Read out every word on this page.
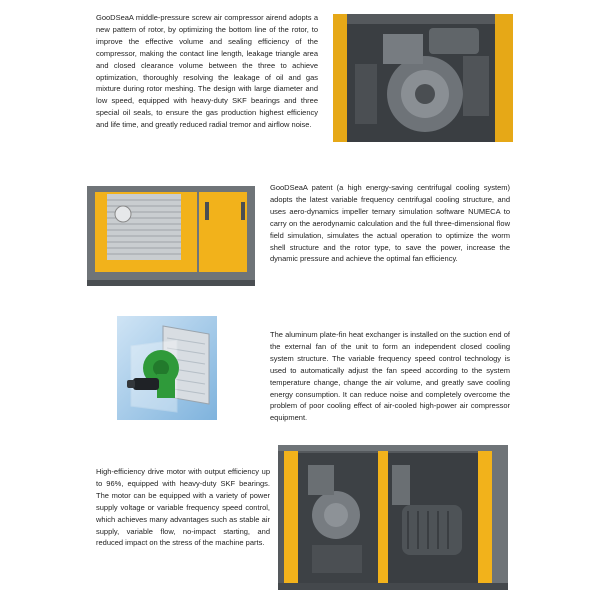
GooDSeaA middle-pressure screw air compressor airend adopts a new pattern of rotor, by optimizing the bottom line of the rotor, to improve the effective volume and sealing efficiency of the compressor, making the contact line length, leakage triangle area and closed clearance volume between the three to achieve optimization, thoroughly resolving the leakage of oil and gas mixture during rotor meshing. The design with large diameter and low speed, equipped with heavy-duty SKF bearings and three special oil seals, to ensure the gas production highest efficiency and life time, and greatly reduced radial tremor and airflow noise.
GooDSeaA patent (a high energy-saving centrifugal cooling system) adopts the latest variable frequency centrifugal cooling structure, and uses aero-dynamics impeller ternary simulation software NUMECA to carry on the aerodynamic calculation and the full three-dimensional flow field simulation, simulates the actual operation to optimize the worm shell structure and the rotor type, to save the power, increase the dynamic pressure and achieve the optimal fan efficiency.
The aluminum plate-fin heat exchanger is installed on the suction end of the external fan of the unit to form an independent closed cooling system structure. The variable frequency speed control technology is used to automatically adjust the fan speed according to the system temperature change, change the air volume, and greatly save cooling energy consumption. It can reduce noise and completely overcome the problem of poor cooling effect of air-cooled high-power air compressor equipment.
High-efficiency drive motor with output efficiency up to 96%, equipped with heavy-duty SKF bearings. The motor can be equipped with a variety of power supply voltage or variable frequency speed control, which achieves many advantages such as stable air supply, variable flow, no-impact starting, and reduced impact on the stress of the machine parts.
